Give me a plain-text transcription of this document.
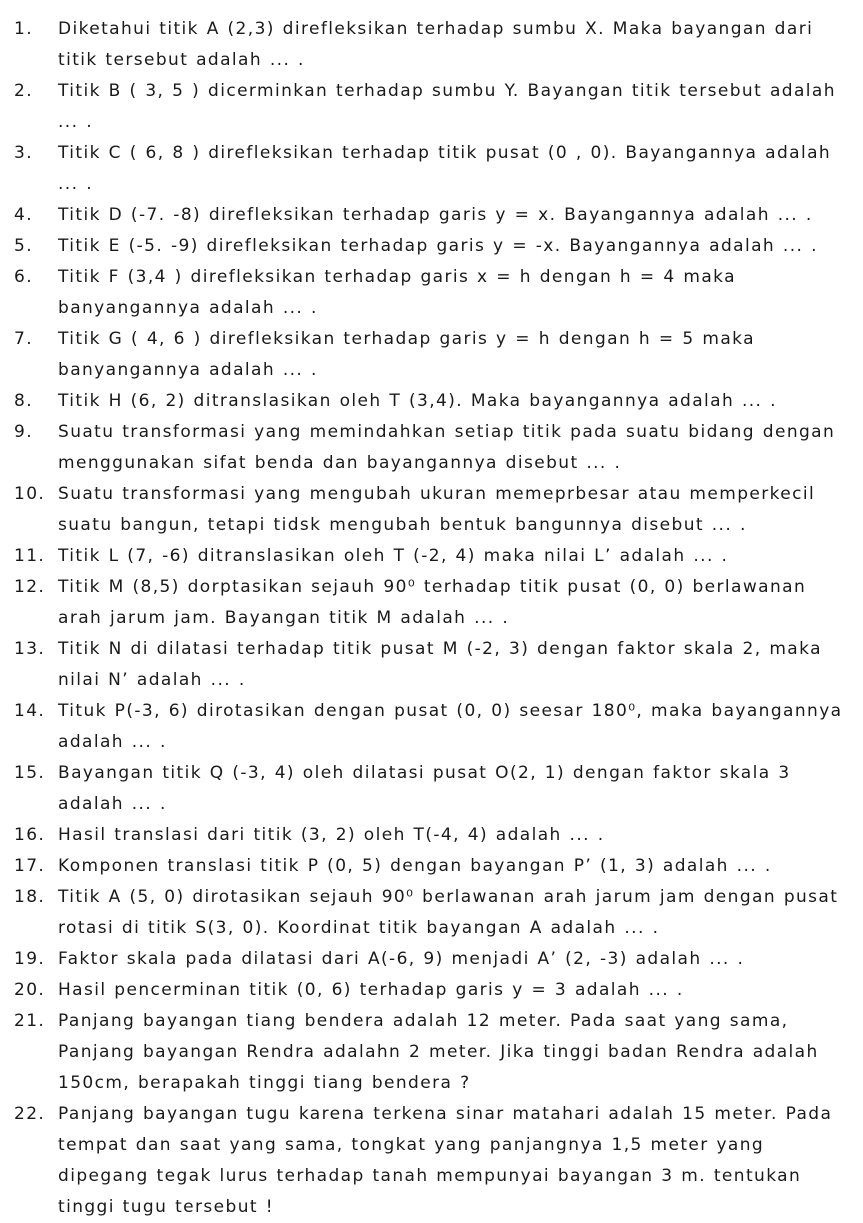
1. Diketahui titik A (2,3) direfleksikan terhadap sumbu X. Maka bayangan dari titik tersebut adalah ... .
2. Titik B ( 3, 5 ) dicerminkan terhadap sumbu Y. Bayangan titik tersebut adalah ... .
3. Titik C ( 6, 8 ) direfleksikan terhadap titik pusat (0 , 0). Bayangannya adalah ... .
4. Titik D (-7. -8) direfleksikan terhadap garis y = x. Bayangannya adalah ... .
5. Titik E (-5. -9) direfleksikan terhadap garis y = -x. Bayangannya adalah ... .
6. Titik F (3,4 ) direfleksikan terhadap garis x = h dengan h = 4 maka banyangannya adalah ... .
7. Titik G ( 4, 6 ) direfleksikan terhadap garis y = h dengan h = 5 maka banyangannya adalah ... .
8. Titik H (6, 2) ditranslasikan oleh T (3,4). Maka bayangannya adalah ... .
9. Suatu transformasi yang memindahkan setiap titik pada suatu bidang dengan menggunakan sifat benda dan bayangannya disebut ... .
10. Suatu transformasi yang mengubah ukuran memeprbesar atau memperkecil suatu bangun, tetapi tidsk mengubah bentuk bangunnya disebut ... .
11. Titik L (7, -6) ditranslasikan oleh T (-2, 4) maka nilai L’ adalah ... .
12. Titik M (8,5) dorptasikan sejauh 90⁰ terhadap titik pusat (0, 0) berlawanan arah jarum jam. Bayangan titik M adalah ... .
13. Titik N di dilatasi terhadap titik pusat M (-2, 3) dengan faktor skala 2, maka nilai N’ adalah ... .
14. Tituk P(-3, 6) dirotasikan dengan pusat (0, 0) seesar 180⁰, maka bayangannya adalah ... .
15. Bayangan titik Q (-3, 4) oleh dilatasi pusat O(2, 1) dengan faktor skala 3 adalah ... .
16. Hasil translasi dari titik (3, 2) oleh T(-4, 4) adalah ... .
17. Komponen translasi titik P (0, 5) dengan bayangan P’ (1, 3) adalah ... .
18. Titik A (5, 0) dirotasikan sejauh 90⁰ berlawanan arah jarum jam dengan pusat rotasi di titik S(3, 0). Koordinat titik bayangan A adalah ... .
19. Faktor skala pada dilatasi dari A(-6, 9) menjadi A’ (2, -3) adalah ... .
20. Hasil pencerminan titik (0, 6) terhadap garis y = 3 adalah ... .
21. Panjang bayangan tiang bendera adalah 12 meter. Pada saat yang sama, Panjang bayangan Rendra adalahn 2 meter. Jika tinggi badan Rendra adalah 150cm, berapakah tinggi tiang bendera ?
22. Panjang bayangan tugu karena terkena sinar matahari adalah 15 meter. Pada tempat dan saat yang sama, tongkat yang panjangnya 1,5 meter yang dipegang tegak lurus terhadap tanah mempunyai bayangan 3 m. tentukan tinggi tugu tersebut !
